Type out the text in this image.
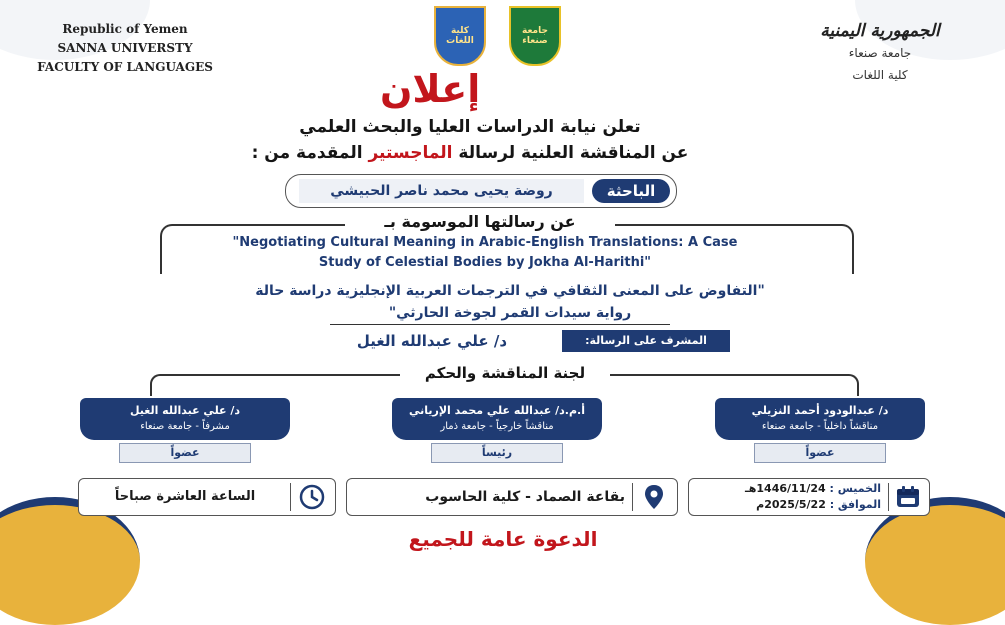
Republic of Yemen
SANNA UNIVERSTY
FACULTY OF LANGUAGES
كلية اللغات
جامعة صنعاء	الجمهورية اليمنية
جامعة صنعاء
كلية اللغات
إعلان
تعلن نيابة الدراسات العليا والبحث العلمي
عن المناقشة العلنية لرسالة الماجستير المقدمة من :
الباحثة
روضة يحيى محمد ناصر الحبيشي
عن رسالتها الموسومة بـ
"Negotiating Cultural Meaning in Arabic-English Translations: A Case
Study of Celestial Bodies by Jokha Al-Harithi"
"التفاوض على المعنى الثقافي في الترجمات العربية الإنجليزية دراسة حالة
رواية سيدات القمر لجوخة الحارثي"
المشرف على الرسالة:
د/ علي عبدالله الغيل
لجنة المناقشة والحكم
د/ عبدالودود أحمد النزيلي
مناقشاً داخلياً - جامعة صنعاء
عضواً
أ.م.د/ عبدالله علي محمد الإرياني
مناقشاً خارجياً - جامعة ذمار
رئيساً
د/ علي عبدالله الغيل
مشرفاً - جامعة صنعاء
عضواً
الخميس : 1446/11/24هـ
الموافق : 2025/5/22م
بقاعة الصماد - كلية الحاسوب
الساعة العاشرة صباحاً
الدعوة عامة للجميع
